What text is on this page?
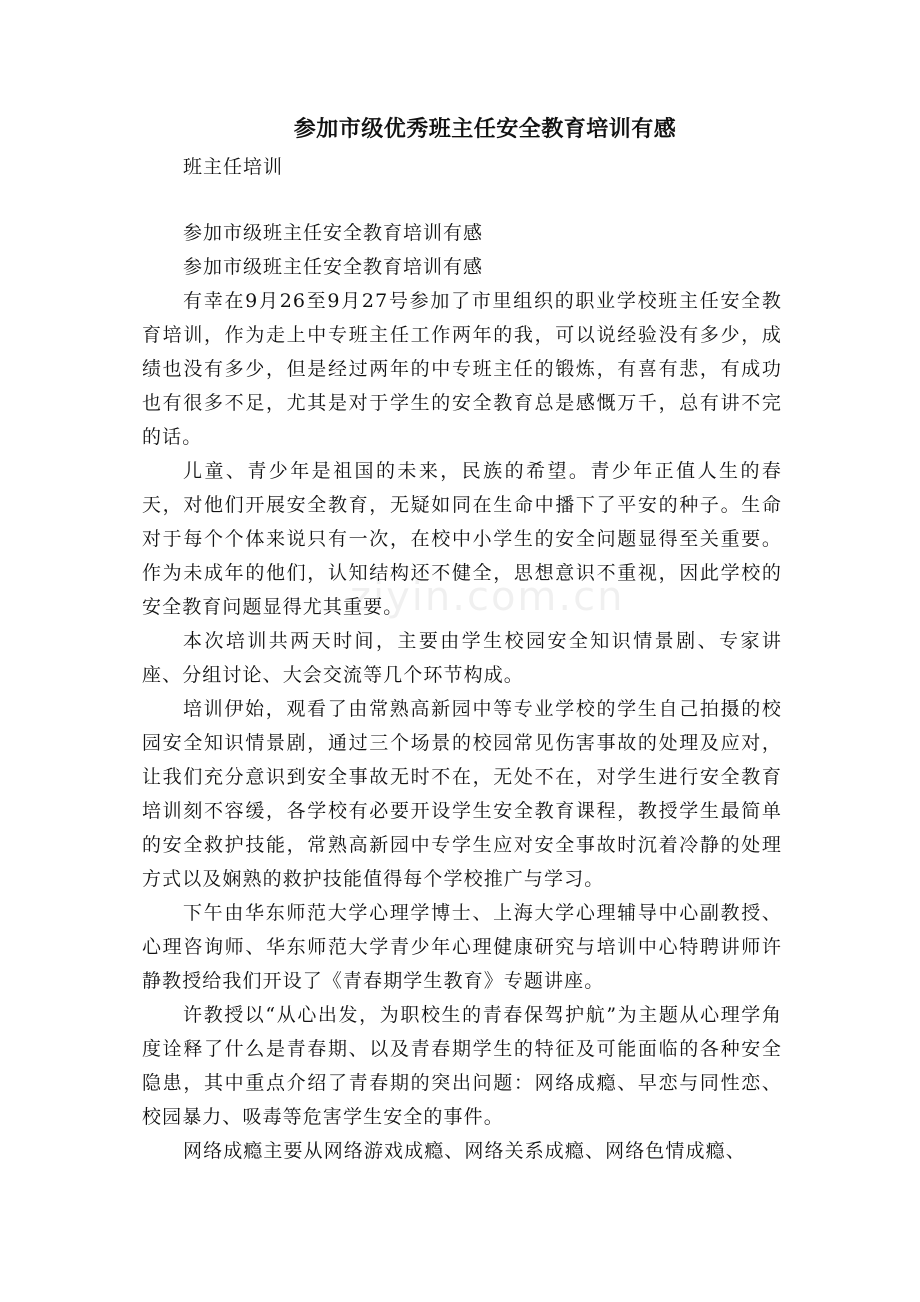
参加市级优秀班主任安全教育培训有感
班主任培训

参加市级班主任安全教育培训有感

参加市级班主任安全教育培训有感

有幸在9月26至9月27号参加了市里组织的职业学校班主任安全教育培训，作为走上中专班主任工作两年的我，可以说经验没有多少，成绩也没有多少，但是经过两年的中专班主任的锻炼，有喜有悲，有成功也有很多不足，尤其是对于学生的安全教育总是感慨万千，总有讲不完的话。

儿童、青少年是祖国的未来，民族的希望。青少年正值人生的春天，对他们开展安全教育，无疑如同在生命中播下了平安的种子。生命对于每个个体来说只有一次，在校中小学生的安全问题显得至关重要。作为未成年的他们，认知结构还不健全，思想意识不重视，因此学校的安全教育问题显得尤其重要。

本次培训共两天时间，主要由学生校园安全知识情景剧、专家讲座、分组讨论、大会交流等几个环节构成。

培训伊始，观看了由常熟高新园中等专业学校的学生自己拍摄的校园安全知识情景剧，通过三个场景的校园常见伤害事故的处理及应对，让我们充分意识到安全事故无时不在，无处不在，对学生进行安全教育培训刻不容缓，各学校有必要开设学生安全教育课程，教授学生最简单的安全救护技能，常熟高新园中专学生应对安全事故时沉着冷静的处理方式以及娴熟的救护技能值得每个学校推广与学习。

下午由华东师范大学心理学博士、上海大学心理辅导中心副教授、心理咨询师、华东师范大学青少年心理健康研究与培训中心特聘讲师许静教授给我们开设了《青春期学生教育》专题讲座。

许教授以“从心出发，为职校生的青春保驾护航”为主题从心理学角度诠释了什么是青春期、以及青春期学生的特征及可能面临的各种安全隐患，其中重点介绍了青春期的突出问题：网络成瘾、早恋与同性恋、校园暴力、吸毒等危害学生安全的事件。

网络成瘾主要从网络游戏成瘾、网络关系成瘾、网络色情成瘾、

ziyin.com.cn
